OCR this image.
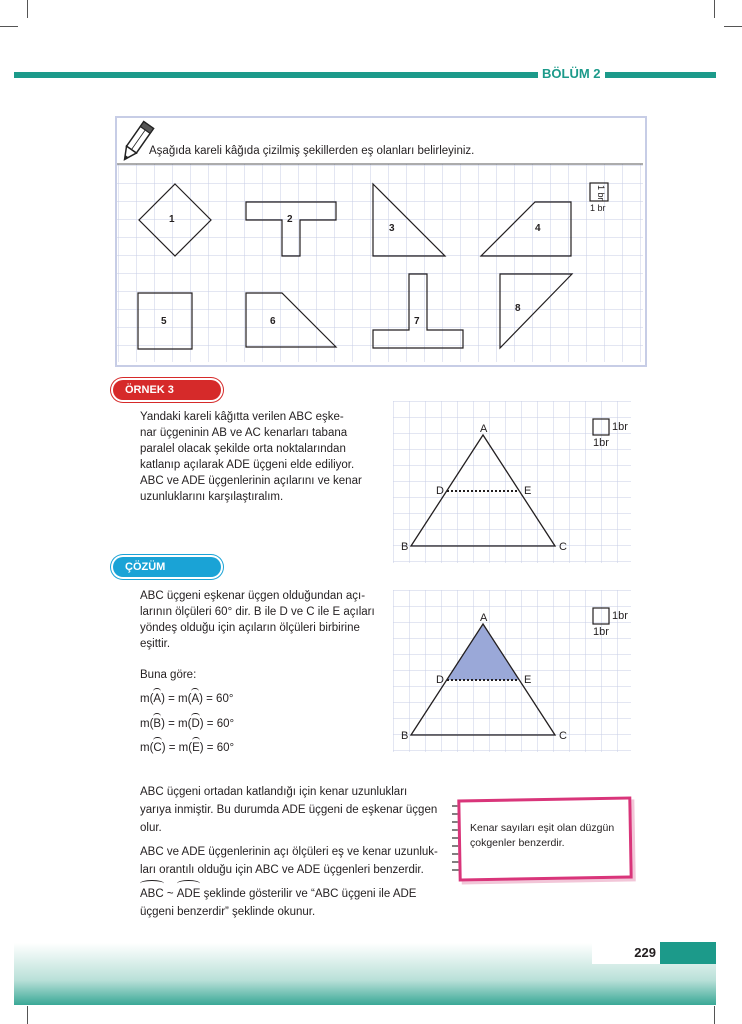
BÖLÜM 2
Aşağıda kareli kâğıda çizilmiş şekillerden eş olanları belirleyiniz.
1	2
3	4
5	6	7
8
1 br
1 br
ÖRNEK 3
Yandaki kareli kâğıtta verilen ABC eşke-
nar üçgeninin AB ve AC kenarları tabana
paralel olacak şekilde orta noktalarından
katlanıp açılarak ADE üçgeni elde ediliyor.
ABC ve ADE üçgenlerinin açılarını ve kenar
uzunluklarını karşılaştıralım.
A
B	C
D	E
1br
1br
ÇÖZÜM
ABC üçgeni eşkenar üçgen olduğundan açı-
larının ölçüleri 60° dir. B ile D ve C ile E açıları
yöndeş olduğu için açıların ölçüleri birbirine
eşittir.
Buna göre:
m(A) = m(A) = 60°
m(B) = m(D) = 60°
m(C) = m(E) = 60°
A
B	C
D	E
1br
1br
ABC üçgeni ortadan katlandığı için kenar uzunlukları
yarıya inmiştir. Bu durumda ADE üçgeni de eşkenar üçgen
olur.
ABC ve ADE üçgenlerinin açı ölçüleri eş ve kenar uzunluk-
ları orantılı olduğu için ABC ve ADE üçgenleri benzerdir.
ABC ~ ADE şeklinde gösterilir ve “ABC üçgeni ile ADE
üçgeni benzerdir” şeklinde okunur.
Kenar sayıları eşit olan düzgün
çokgenler benzerdir.
229
